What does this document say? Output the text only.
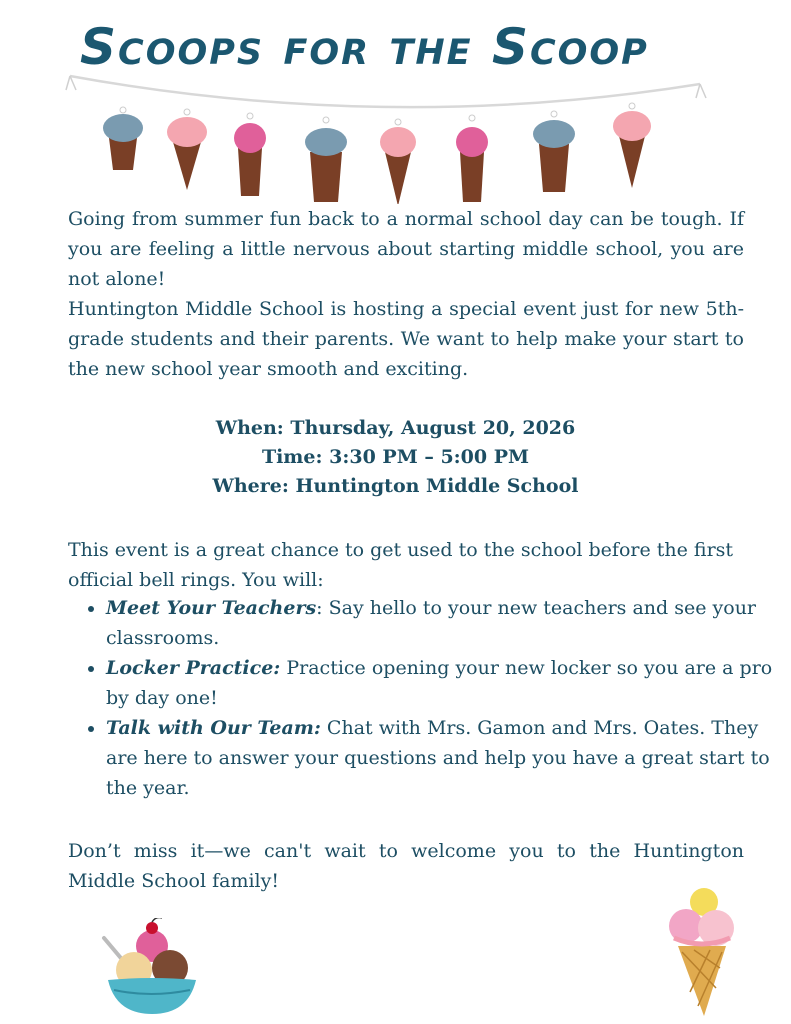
Scoops for the Scoop

Going from summer fun back to a normal school day can be tough. If you are feeling a little nervous about starting middle school, you are not alone!

Huntington Middle School is hosting a special event just for new 5th-grade students and their parents. We want to help make your start to the new school year smooth and exciting.

When: Thursday, August 20, 2026
Time: 3:30 PM – 5:00 PM
Where: Huntington Middle School

This event is a great chance to get used to the school before the first official bell rings. You will:

• Meet Your Teachers: Say hello to your new teachers and see your classrooms.
• Locker Practice: Practice opening your new locker so you are a pro by day one!
• Talk with Our Team: Chat with Mrs. Gamon and Mrs. Oates. They are here to answer your questions and help you have a great start to the year.

Don’t miss it—we can't wait to welcome you to the Huntington Middle School family!
